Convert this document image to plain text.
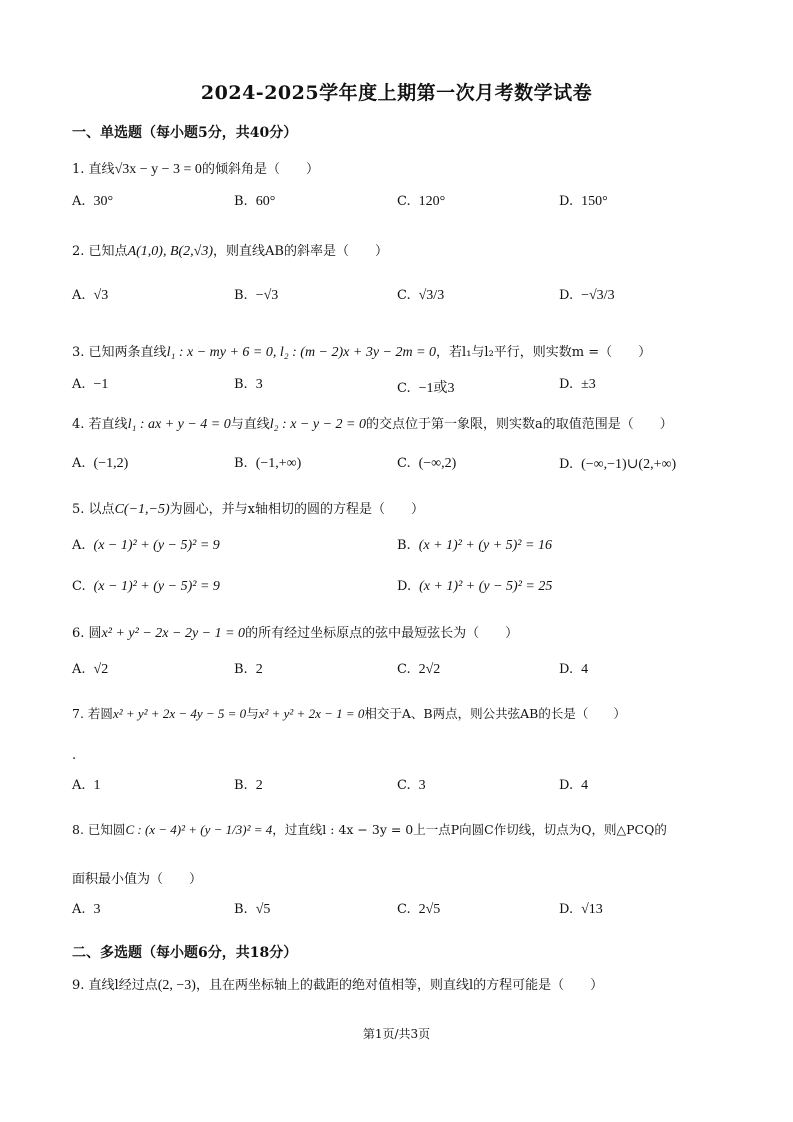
2024-2025学年度上期第一次月考数学试卷
一、单选题（每小题5分，共40分）
1. 直线√3x − y − 3 = 0的倾斜角是（　　）
A. 30°	B. 60°	C. 120°	D. 150°
2. 已知点A(1,0), B(2,√3)，则直线AB的斜率是（　　）
A. √3	B. −√3	C. √3/3	D. −√3/3
3. 已知两条直线l₁ : x − my + 6 = 0, l₂ : (m − 2)x + 3y − 2m = 0，若l₁与l₂平行，则实数m =（　　）
A. −1	B. 3	C. −1或3	D. ±3
4. 若直线l₁ : ax + y − 4 = 0与直线l₂ : x − y − 2 = 0的交点位于第一象限，则实数a的取值范围是（　　）
A. (−1,2)	B. (−1,+∞)	C. (−∞,2)	D. (−∞,−1)∪(2,+∞)
5. 以点C(−1,−5)为圆心，并与x轴相切的圆的方程是（　　）
A. (x − 1)² + (y − 5)² = 9	B. (x + 1)² + (y + 5)² = 16
C. (x − 1)² + (y − 5)² = 9	D. (x + 1)² + (y − 5)² = 25
6. 圆x² + y² − 2x − 2y − 1 = 0的所有经过坐标原点的弦中最短弦长为（　　）
A. √2	B. 2	C. 2√2	D. 4
7. 若圆x² + y² + 2x − 4y − 5 = 0与x² + y² + 2x − 1 = 0相交于A、B两点，则公共弦AB的长是（　　）
.
A. 1	B. 2	C. 3	D. 4
8. 已知圆C : (x − 4)² + (y − 1/3)² = 4，过直线l : 4x − 3y = 0上一点P向圆C作切线，切点为Q，则△PCQ的
面积最小值为（　　）
A. 3	B. √5	C. 2√5	D. √13
二、多选题（每小题6分，共18分）
9. 直线l经过点(2, −3)，且在两坐标轴上的截距的绝对值相等，则直线l的方程可能是（　　）
第1页/共3页
